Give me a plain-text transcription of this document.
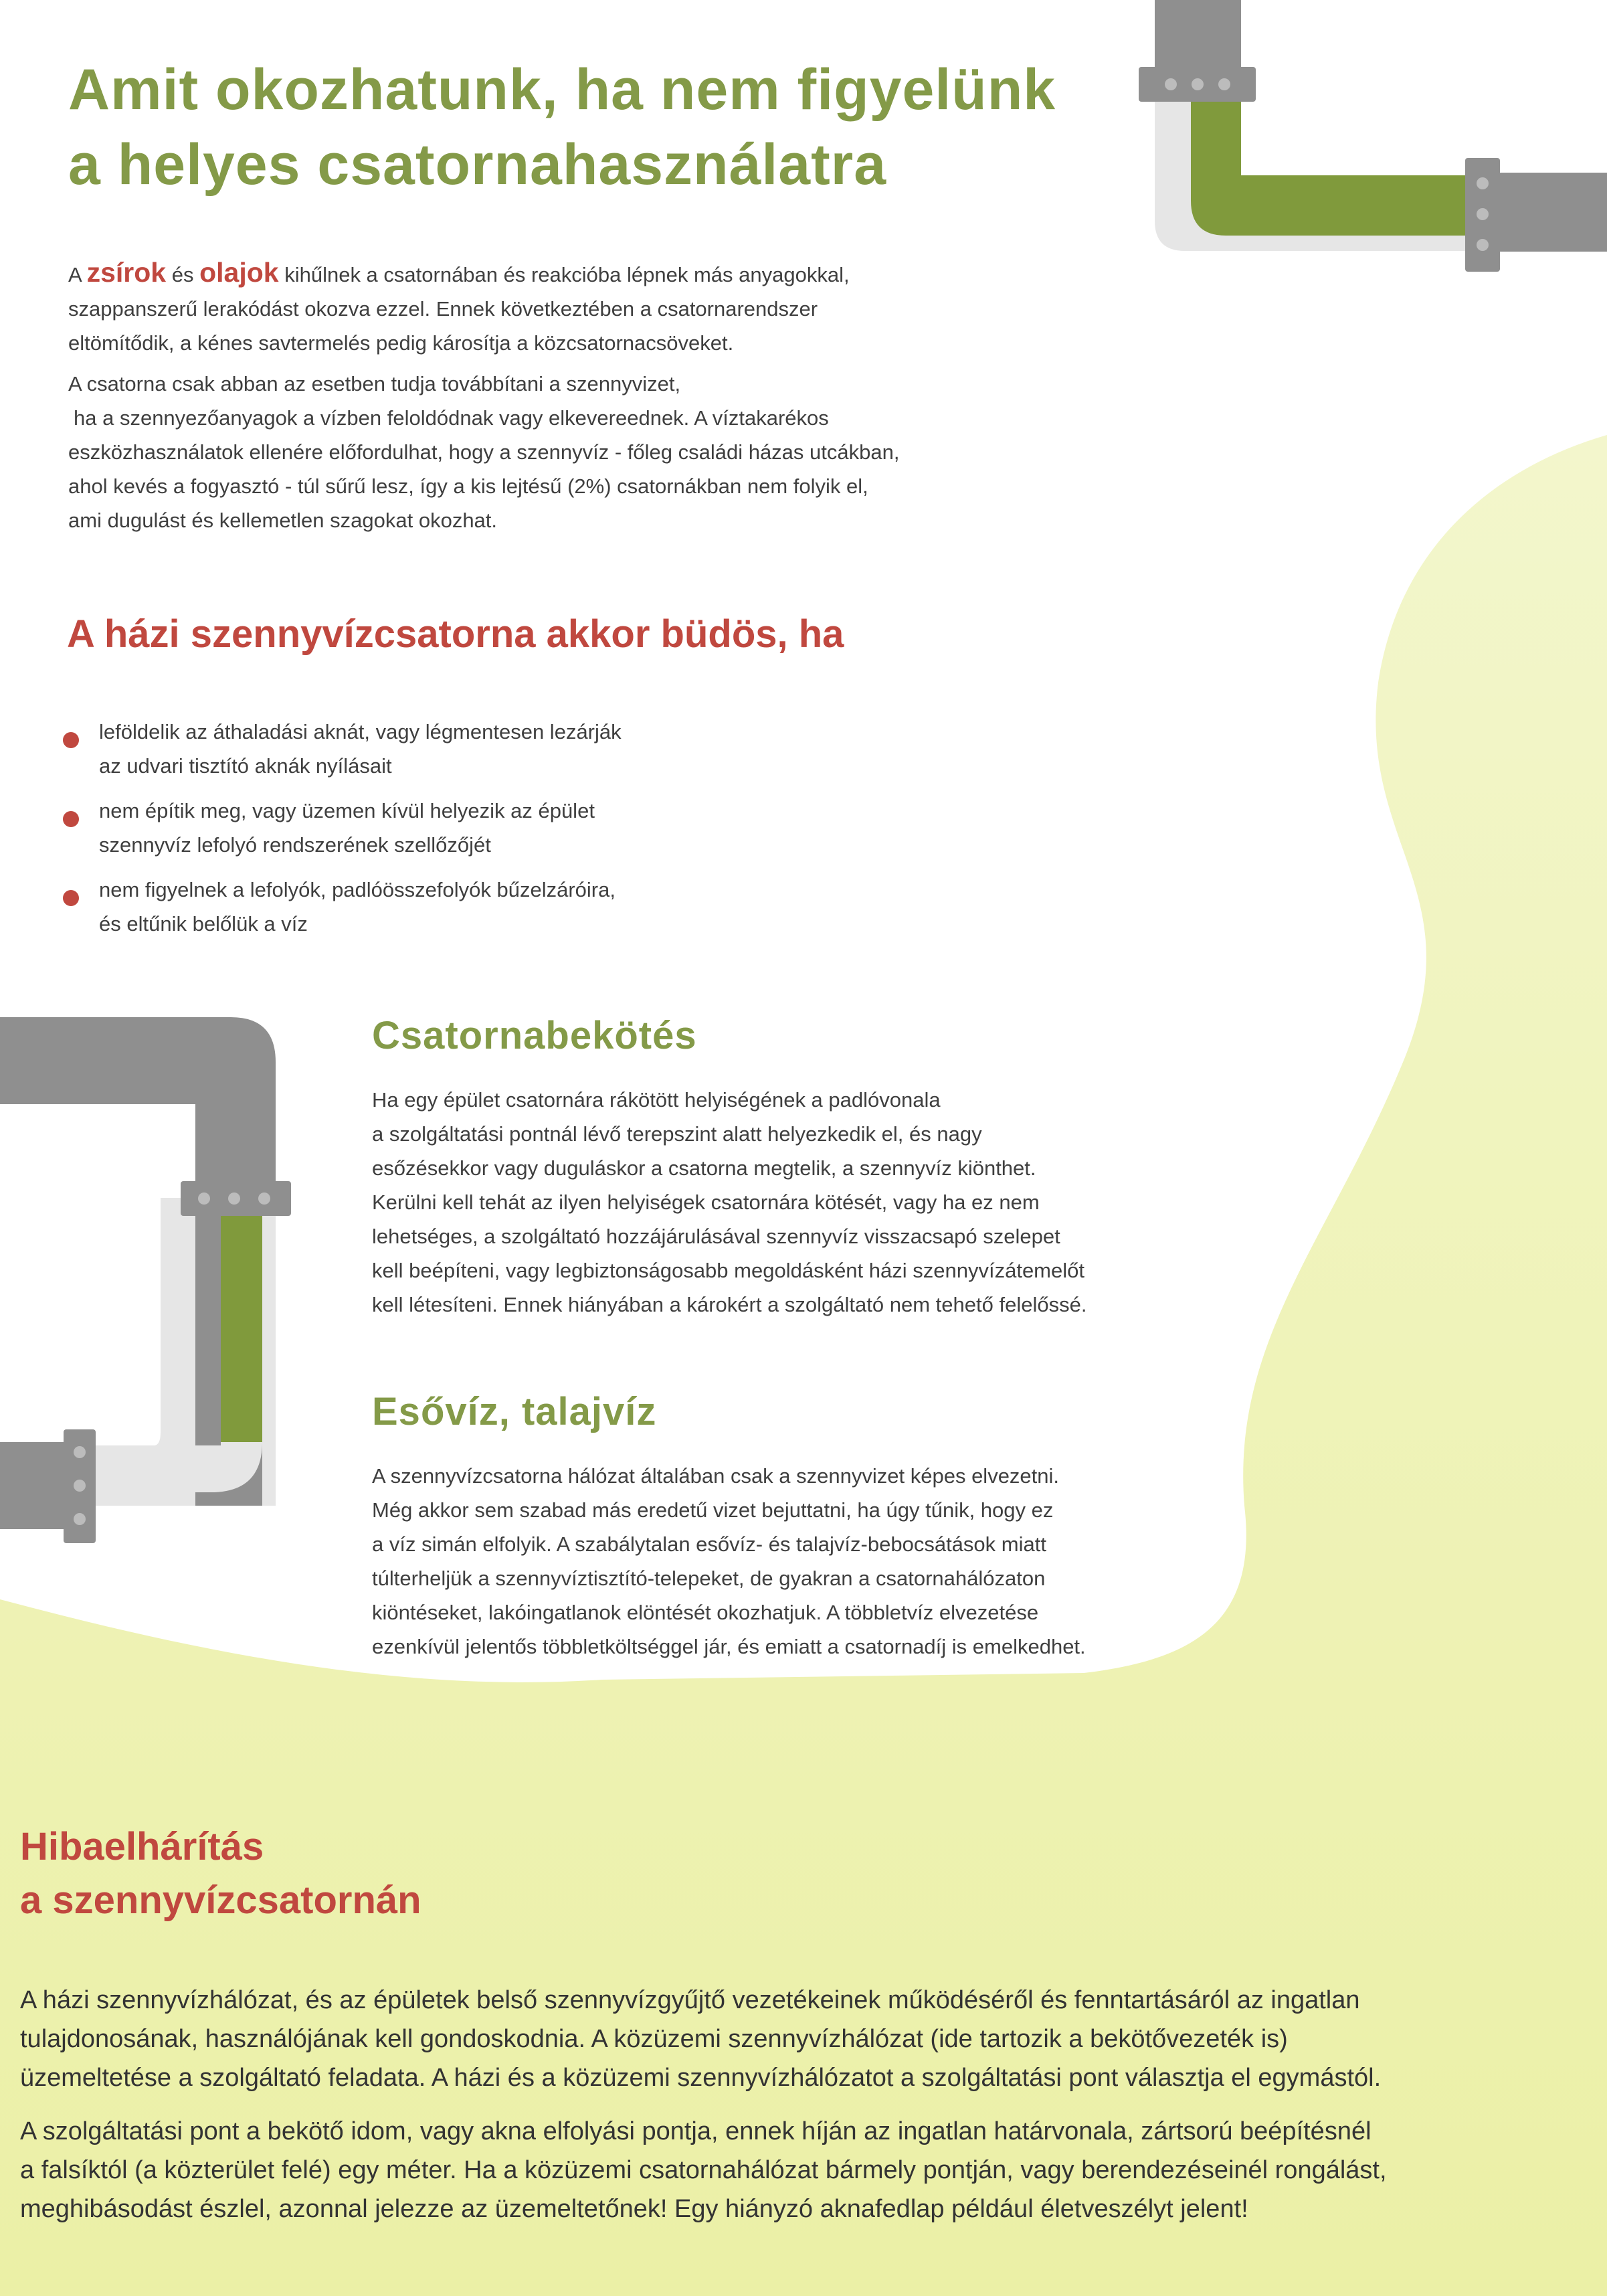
Amit okozhatunk, ha nem figyelünk
a helyes csatornahasználatra
A zsírok és olajok kihűlnek a csatornában és reakcióba lépnek más anyagokkal,
szappanszerű lerakódást okozva ezzel. Ennek következtében a csatornarendszer
eltömítődik, a kénes savtermelés pedig károsítja a közcsatornacsöveket.
A csatorna csak abban az esetben tudja továbbítani a szennyvizet,
ha a szennyezőanyagok a vízben feloldódnak vagy elkevereednek. A víztakarékos
eszközhasználatok ellenére előfordulhat, hogy a szennyvíz - főleg családi házas utcákban,
ahol kevés a fogyasztó - túl sűrű lesz, így a kis lejtésű (2%) csatornákban nem folyik el,
ami dugulást és kellemetlen szagokat okozhat.
A házi szennyvízcsatorna akkor büdös, ha
leföldelik az áthaladási aknát, vagy légmentesen lezárják
az udvari tisztító aknák nyílásait
nem építik meg, vagy üzemen kívül helyezik az épület
szennyvíz lefolyó rendszerének szellőzőjét
nem figyelnek a lefolyók, padlóösszefolyók bűzelzáróira,
és eltűnik belőlük a víz
Csatornabekötés
Ha egy épület csatornára rákötött helyiségének a padlóvonala
a szolgáltatási pontnál lévő terepszint alatt helyezkedik el, és nagy
esőzésekkor vagy duguláskor a csatorna megtelik, a szennyvíz kiönthet.
Kerülni kell tehát az ilyen helyiségek csatornára kötését, vagy ha ez nem
lehetséges, a szolgáltató hozzájárulásával szennyvíz visszacsapó szelepet
kell beépíteni, vagy legbiztonságosabb megoldásként házi szennyvízátemelőt
kell létesíteni. Ennek hiányában a károkért a szolgáltató nem tehető felelőssé.
Esővíz, talajvíz
A szennyvízcsatorna hálózat általában csak a szennyvizet képes elvezetni.
Még akkor sem szabad más eredetű vizet bejuttatni, ha úgy tűnik, hogy ez
a víz simán elfolyik. A szabálytalan esővíz- és talajvíz-bebocsátások miatt
túlterheljük a szennyvíztisztító-telepeket, de gyakran a csatornahálózaton
kiöntéseket, lakóingatlanok elöntését okozhatjuk. A többletvíz elvezetése
ezenkívül jelentős többletköltséggel jár, és emiatt a csatornadíj is emelkedhet.
Hibaelhárítás
a szennyvízcsatornán
A házi szennyvízhálózat, és az épületek belső szennyvízgyűjtő vezetékeinek működéséről és fenntartásáról az ingatlan
tulajdonosának, használójának kell gondoskodnia. A közüzemi szennyvízhálózat (ide tartozik a bekötővezeték is)
üzemeltetése a szolgáltató feladata. A házi és a közüzemi szennyvízhálózatot a szolgáltatási pont választja el egymástól.
A szolgáltatási pont a bekötő idom, vagy akna elfolyási pontja, ennek híján az ingatlan határvonala, zártsorú beépítésnél
a falsíktól (a közterület felé) egy méter. Ha a közüzemi csatornahálózat bármely pontján, vagy berendezéseinél rongálást,
meghibásodást észlel, azonnal jelezze az üzemeltetőnek! Egy hiányzó aknafedlap például életveszélyt jelent!
